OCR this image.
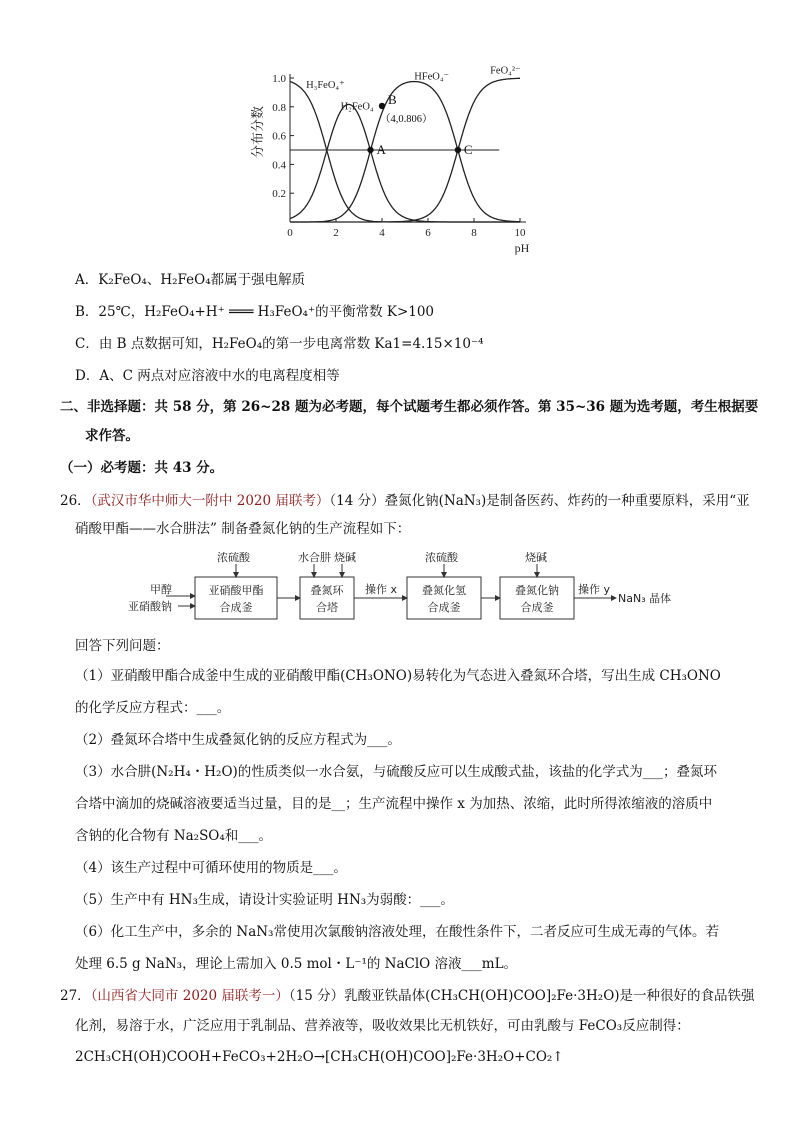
0	2	4	6	8	10
0.2
0.4
0.6
0.8
1.0
pH
分布分数
H₃FeO₄⁺
H₂FeO₄
HFeO₄⁻
FeO₄²⁻
A
B
（4,0.806）
C
A．K₂FeO₄、H₂FeO₄都属于强电解质
B．25℃，H₂FeO₄+H⁺ ═══ H₃FeO₄⁺的平衡常数 K>100
C．由 B 点数据可知，H₂FeO₄的第一步电离常数 Ka1=4.15×10⁻⁴
D．A、C 两点对应溶液中水的电离程度相等
二、非选择题：共 58 分，第 26~28 题为必考题，每个试题考生都必须作答。第 35~36 题为选考题，考生根据要
求作答。
（一）必考题：共 43 分。
26．（武汉市华中师大一附中 2020 届联考）（14 分）叠氮化钠(NaN₃)是制备医药、炸药的一种重要原料，采用“亚
硝酸甲酯——水合肼法” 制备叠氮化钠的生产流程如下：
甲醇
亚硝酸钠
浓硫酸	水合肼 烧碱	浓硫酸	烧碱
亚硝酸甲酯
合成釜
叠氮环
合塔
叠氮化氢
合成釜
叠氮化钠
合成釜
操作 x	操作 y
NaN₃ 晶体
回答下列问题：
（1）亚硝酸甲酯合成釜中生成的亚硝酸甲酯(CH₃ONO)易转化为气态进入叠氮环合塔，写出生成 CH₃ONO
的化学反应方程式：___。
（2）叠氮环合塔中生成叠氮化钠的反应方程式为___。
（3）水合肼(N₂H₄・H₂O)的性质类似一水合氨，与硫酸反应可以生成酸式盐，该盐的化学式为___；叠氮环
合塔中滴加的烧碱溶液要适当过量，目的是__；生产流程中操作 x 为加热、浓缩，此时所得浓缩液的溶质中
含钠的化合物有 Na₂SO₄和___。
（4）该生产过程中可循环使用的物质是___。
（5）生产中有 HN₃生成，请设计实验证明 HN₃为弱酸：___。
（6）化工生产中，多余的 NaN₃常使用次氯酸钠溶液处理，在酸性条件下，二者反应可生成无毒的气体。若
处理 6.5 g NaN₃，理论上需加入 0.5 mol・L⁻¹的 NaClO 溶液___mL。
27．（山西省大同市 2020 届联考一）（15 分）乳酸亚铁晶体(CH₃CH(OH)COO]₂Fe·3H₂O)是一种很好的食品铁强
化剂，易溶于水，广泛应用于乳制品、营养液等，吸收效果比无机铁好，可由乳酸与 FeCO₃反应制得：
2CH₃CH(OH)COOH+FeCO₃+2H₂O→[CH₃CH(OH)COO]₂Fe·3H₂O+CO₂↑
